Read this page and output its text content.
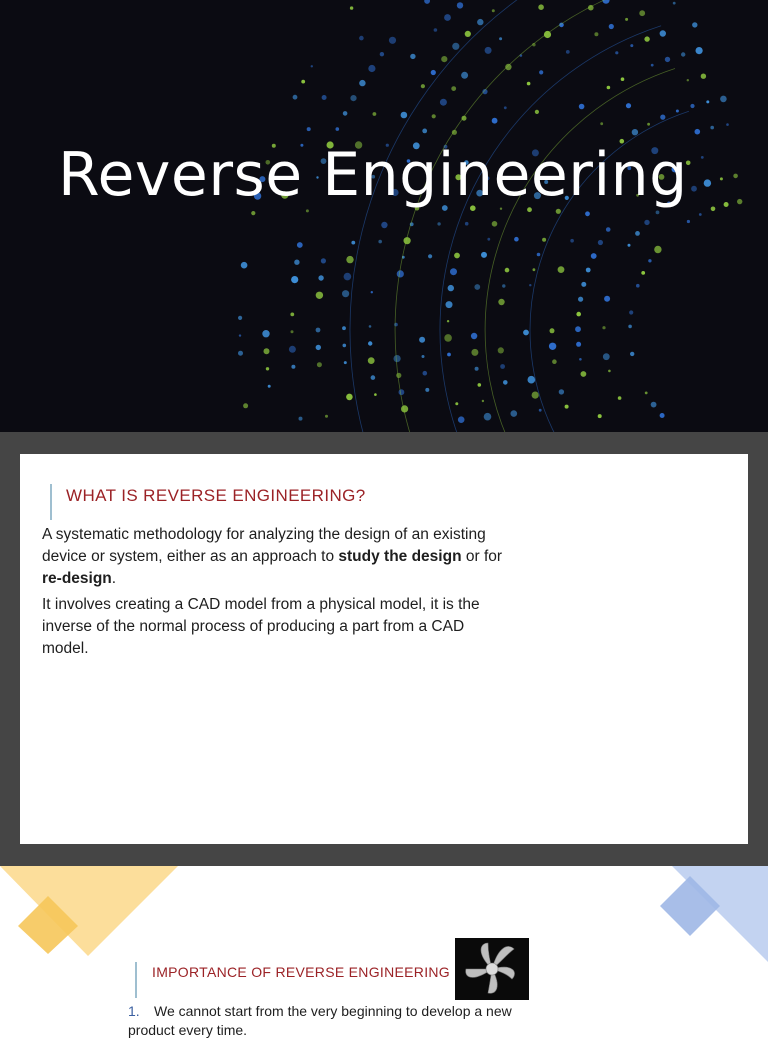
Reverse Engineering
WHAT IS REVERSE ENGINEERING?

A systematic methodology for analyzing the design of an existing device or system, either as an approach to study the design or for re-design.

It involves creating a CAD model from a physical model, it is the inverse of the normal process of producing a part from a CAD model.

IMPORTANCE OF REVERSE ENGINEERING
1. We cannot start from the very beginning to develop a new product every time.
